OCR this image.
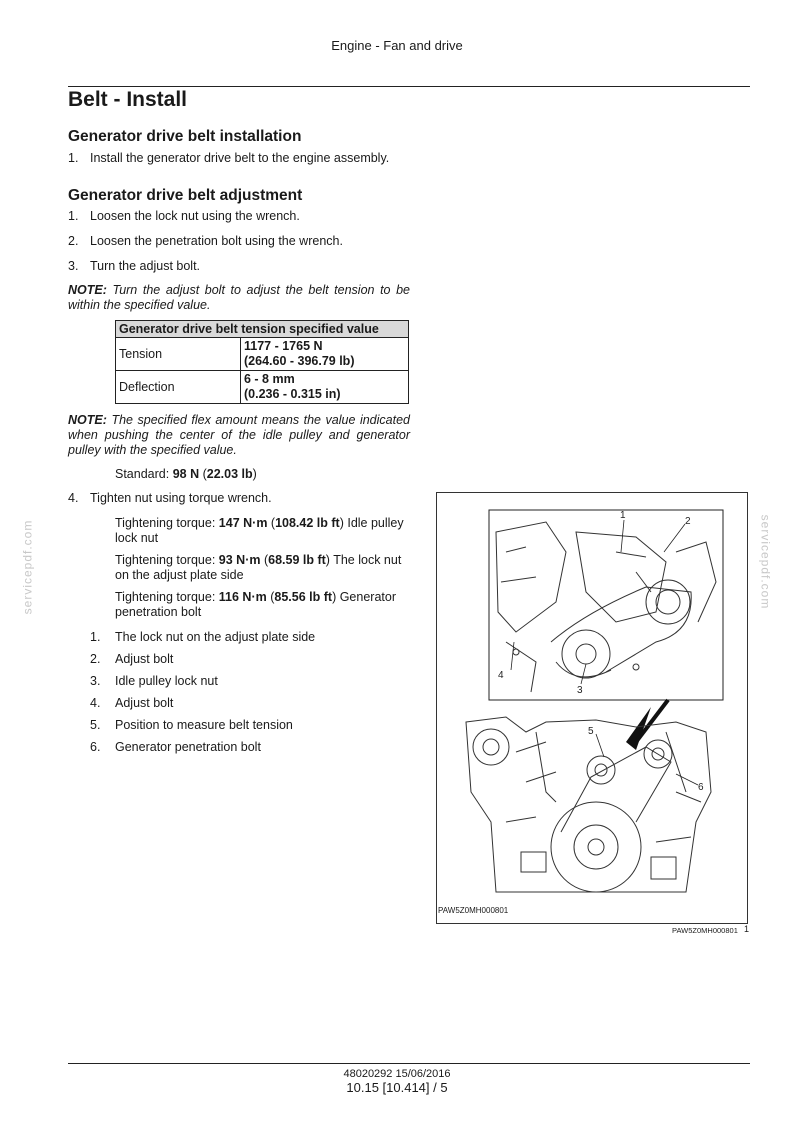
Engine - Fan and drive
Belt - Install
Generator drive belt installation
1. Install the generator drive belt to the engine assembly.
Generator drive belt adjustment
1. Loosen the lock nut using the wrench.
2. Loosen the penetration bolt using the wrench.
3. Turn the adjust bolt.
NOTE: Turn the adjust bolt to adjust the belt tension to be within the specified value.
Generator drive belt tension specified value	
Tension	1177 - 1765 N
(264.60 - 396.79 lb)

Deflection	6 - 8 mm
(0.236 - 0.315 in)
NOTE: The specified flex amount means the value indicated when pushing the center of the idle pulley and generator pulley with the specified value.
Standard: 98 N (22.03 lb)
4. Tighten nut using torque wrench.
Tightening torque: 147 N·m (108.42 lb ft) Idle pulley lock nut
Tightening torque: 93 N·m (68.59 lb ft) The lock nut on the adjust plate side
Tightening torque: 116 N·m (85.56 lb ft) Generator penetration bolt
1. The lock nut on the adjust plate side
2. Adjust bolt
3. Idle pulley lock nut
4. Adjust bolt
5. Position to measure belt tension
6. Generator penetration bolt
1
2
3
4
5
6
PAW5Z0MH000801
PAW5Z0MH000801 1
servicepdf.com	servicepdf.com
48020292 15/06/2016
10.15 [10.414] / 5
